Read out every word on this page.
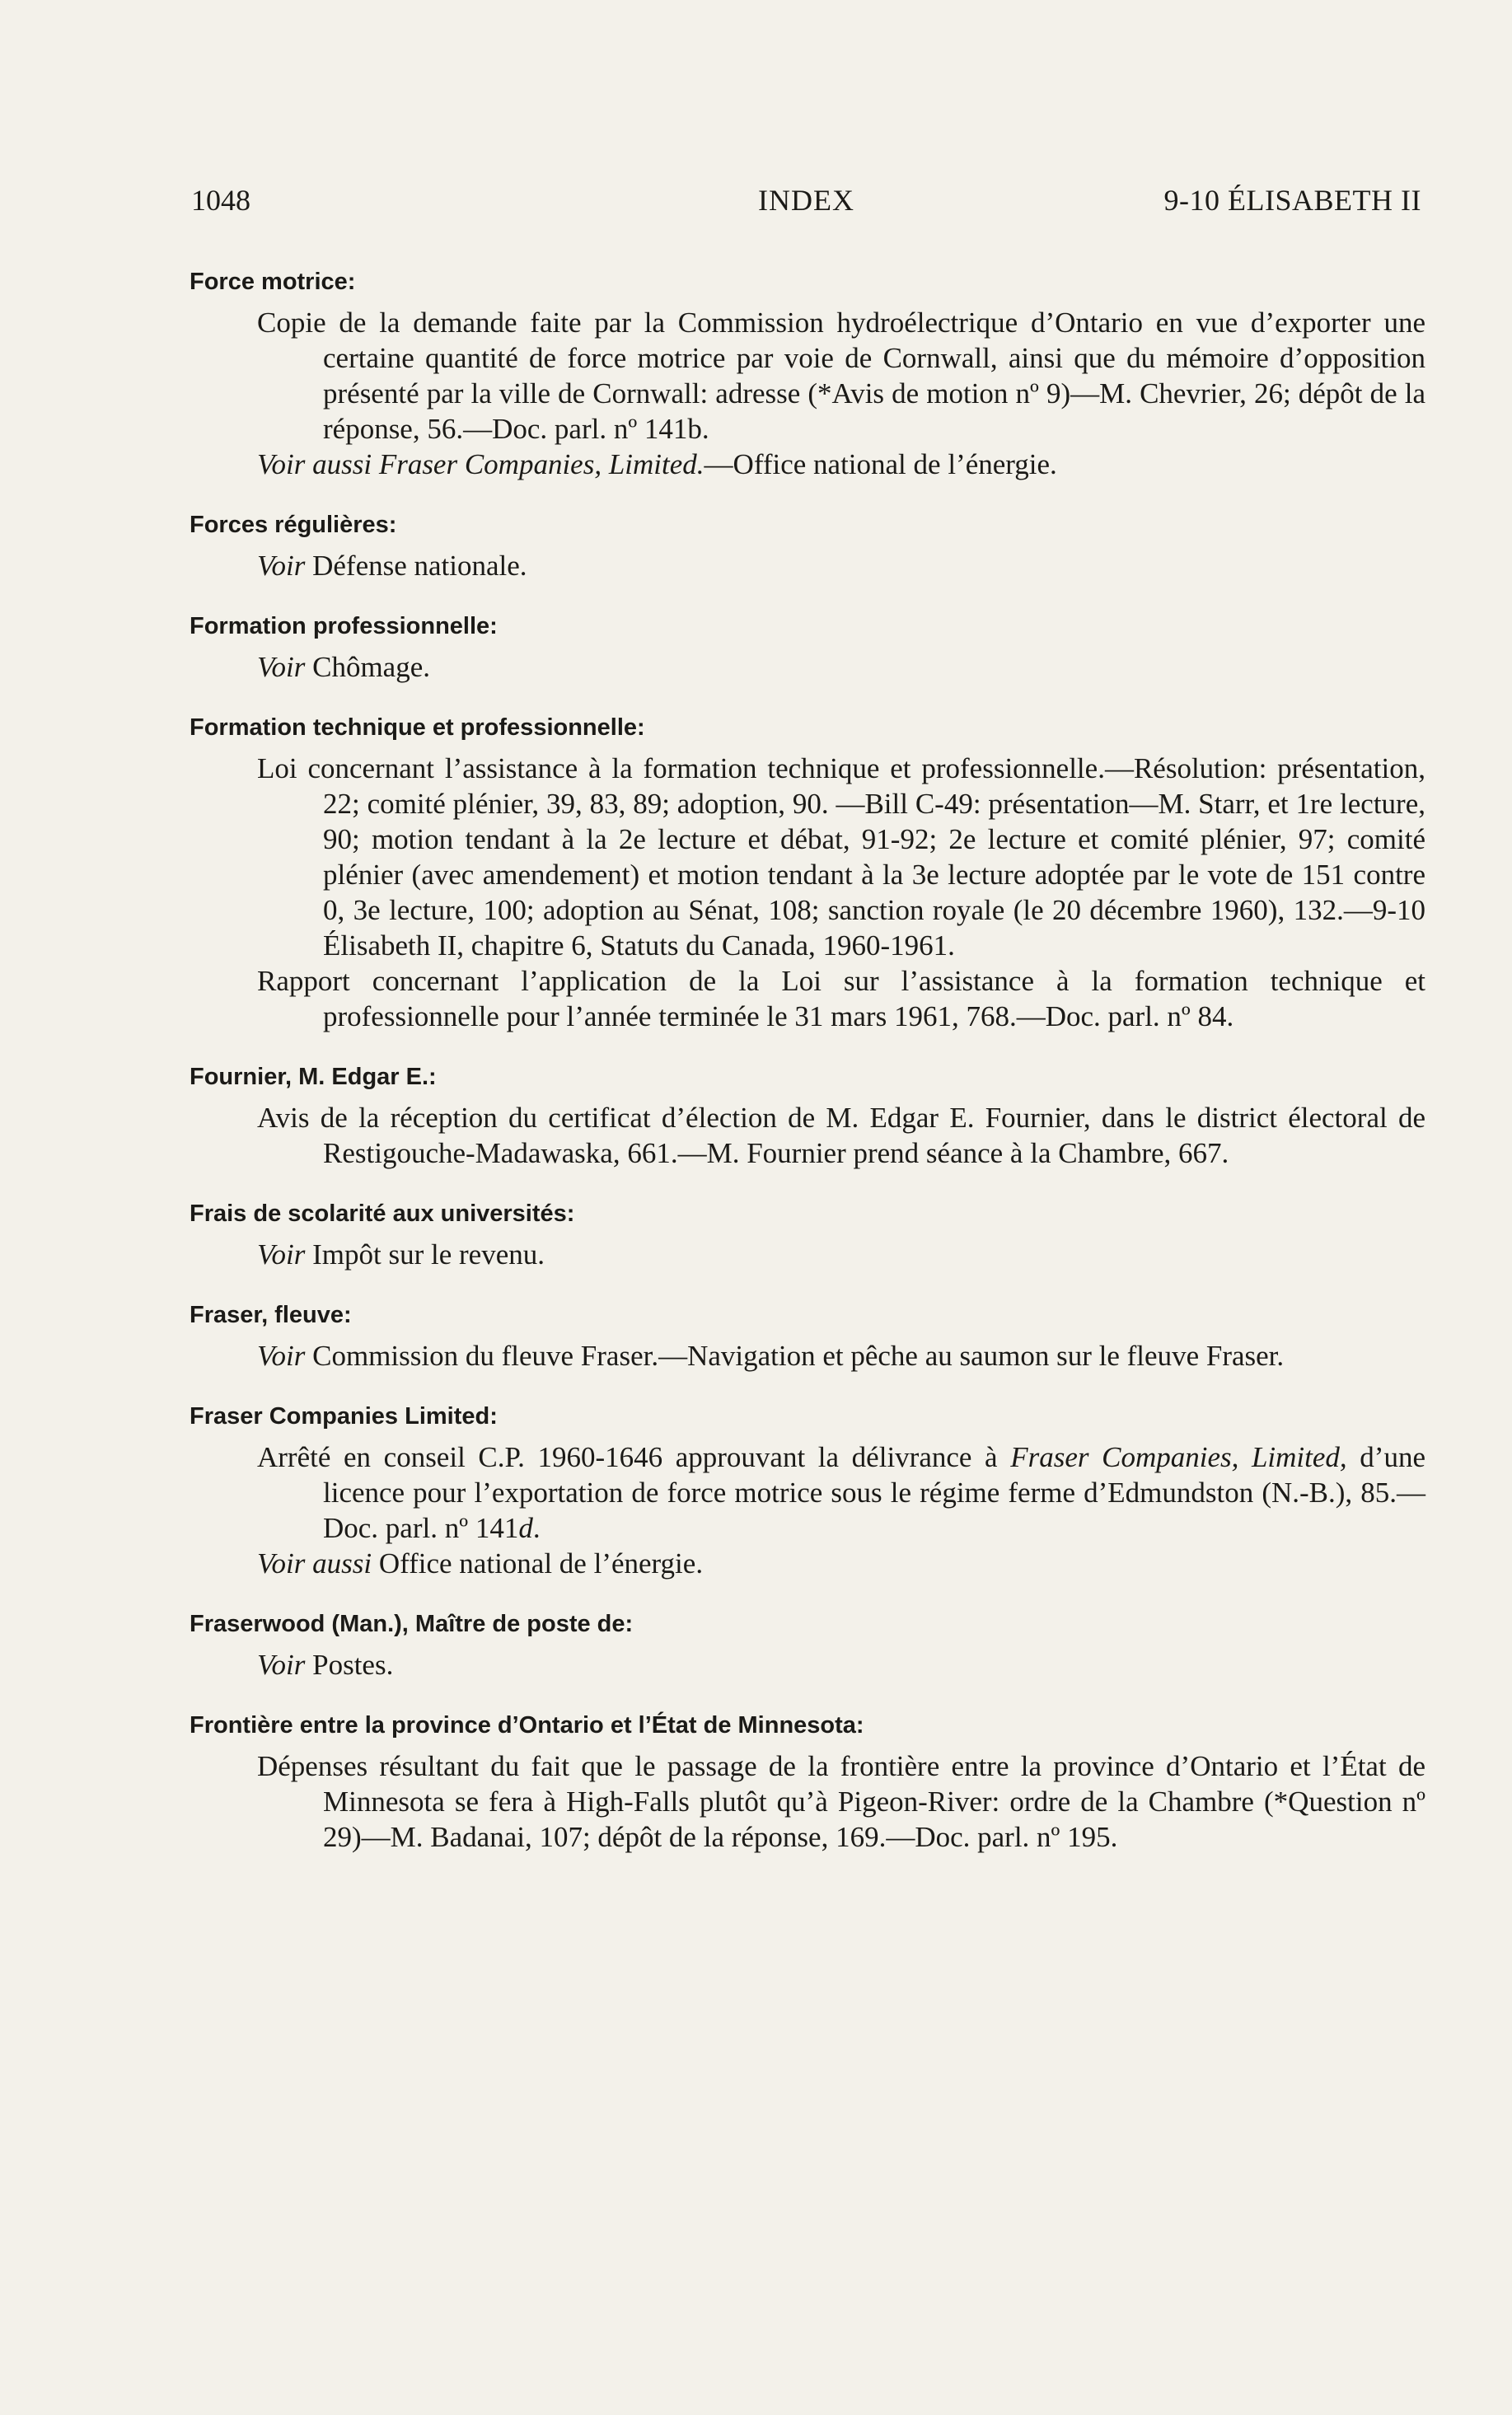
1048	INDEX	9-10 ÉLISABETH II
Force motrice:

Copie de la demande faite par la Commission hydroélectrique d’Ontario en vue d’exporter une certaine quantité de force motrice par voie de Cornwall, ainsi que du mémoire d’opposition présenté par la ville de Cornwall: adresse (*Avis de motion nº 9)—M. Chevrier, 26; dépôt de la réponse, 56.—Doc. parl. nº 141b.

Voir aussi Fraser Companies, Limited.—Office national de l’énergie.

Forces régulières:

Voir Défense nationale.

Formation professionnelle:

Voir Chômage.

Formation technique et professionnelle:

Loi concernant l’assistance à la formation technique et professionnelle.—Résolution: présentation, 22; comité plénier, 39, 83, 89; adoption, 90. —Bill C-49: présentation—M. Starr, et 1re lecture, 90; motion tendant à la 2e lecture et débat, 91-92; 2e lecture et comité plénier, 97; comité plénier (avec amendement) et motion tendant à la 3e lecture adoptée par le vote de 151 contre 0, 3e lecture, 100; adoption au Sénat, 108; sanction royale (le 20 décembre 1960), 132.—9-10 Élisabeth II, chapitre 6, Statuts du Canada, 1960-1961.

Rapport concernant l’application de la Loi sur l’assistance à la formation technique et professionnelle pour l’année terminée le 31 mars 1961, 768.—Doc. parl. nº 84.

Fournier, M. Edgar E.:

Avis de la réception du certificat d’élection de M. Edgar E. Fournier, dans le district électoral de Restigouche-Madawaska, 661.—M. Fournier prend séance à la Chambre, 667.

Frais de scolarité aux universités:

Voir Impôt sur le revenu.

Fraser, fleuve:

Voir Commission du fleuve Fraser.—Navigation et pêche au saumon sur le fleuve Fraser.

Fraser Companies Limited:

Arrêté en conseil C.P. 1960-1646 approuvant la délivrance à Fraser Companies, Limited, d’une licence pour l’exportation de force motrice sous le régime ferme d’Edmundston (N.-B.), 85.—Doc. parl. nº 141d.

Voir aussi Office national de l’énergie.

Fraserwood (Man.), Maître de poste de:

Voir Postes.

Frontière entre la province d’Ontario et l’État de Minnesota:

Dépenses résultant du fait que le passage de la frontière entre la province d’Ontario et l’État de Minnesota se fera à High-Falls plutôt qu’à Pigeon-River: ordre de la Chambre (*Question nº 29)—M. Badanai, 107; dépôt de la réponse, 169.—Doc. parl. nº 195.
